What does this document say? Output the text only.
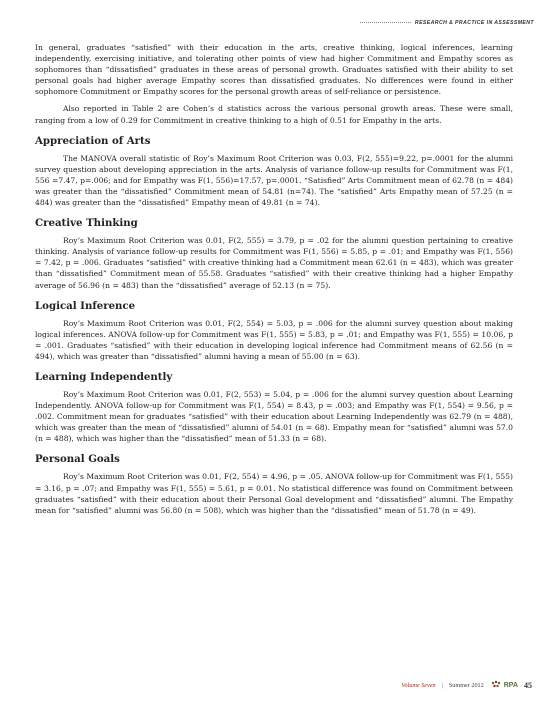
RESEARCH & PRACTICE IN ASSESSMENT

In general, graduates “satisfied” with their education in the arts, creative thinking, logical inferences, learning independently, exercising initiative, and tolerating other points of view had higher Commitment and Empathy scores as sophomores than “dissatisfied” graduates in these areas of personal growth. Graduates satisfied with their ability to set personal goals had higher average Empathy scores than dissatisfied graduates. No differences were found in either sophomore Commitment or Empathy scores for the personal growth areas of self-reliance or persistence.

Also reported in Table 2 are Cohen’s d statistics across the various personal growth areas. These were small, ranging from a low of 0.29 for Commitment in creative thinking to a high of 0.51 for Empathy in the arts.

Appreciation of Arts

The MANOVA overall statistic of Roy’s Maximum Root Criterion was 0.03, F(2, 555)=9.22, p=.0001 for the alumni survey question about developing appreciation in the arts. Analysis of variance follow-up results for Commitment was F(1, 556 =7.47, p=.006; and for Empathy was F(1, 556)=17.57, p=.0001. “Satisfied” Arts Commitment mean of 62.78 (n = 484) was greater than the “dissatisfied” Commitment mean of 54.81 (n=74). The “satisfied” Arts Empathy mean of 57.25 (n = 484) was greater than the “dissatisfied” Empathy mean of 49.81 (n = 74).

Creative Thinking

Roy’s Maximum Root Criterion was 0.01, F(2, 555) = 3.79, p = .02 for the alumni question pertaining to creative thinking. Analysis of variance follow-up results for Commitment was F(1, 556) = 5.85, p = .01; and Empathy was F(1, 556) = 7.42, p = .006. Graduates “satisfied” with creative thinking had a Commitment mean 62.61 (n = 483), which was greater than “dissatisfied” Commitment mean of 55.58. Graduates “satisfied” with their creative thinking had a higher Empathy average of 56.96 (n = 483) than the “dissatisfied” average of 52.13 (n = 75).

Logical Inference

Roy’s Maximum Root Criterion was 0.01, F(2, 554) = 5.03, p = .006 for the alumni survey question about making logical inferences. ANOVA follow-up for Commitment was F(1, 555) = 5.83, p = .01; and Empathy was F(1, 555) = 10.06, p = .001. Graduates “satisfied” with their education in developing logical inference had Commitment means of 62.56 (n = 494), which was greater than “dissatisfied” alumni having a mean of 55.00 (n = 63).

Learning Independently

Roy’s Maximum Root Criterion was 0.01, F(2, 553) = 5.04, p = .006 for the alumni survey question about Learning Independently. ANOVA follow-up for Commitment was F(1, 554) = 8.43, p = .003; and Empathy was F(1, 554) = 9.56, p = .002. Commitment mean for graduates “satisfied” with their education about Learning Independently was 62.79 (n = 488), which was greater than the mean of “dissatisfied” alumni of 54.01 (n = 68). Empathy mean for “satisfied” alumni was 57.0 (n = 488), which was higher than the “dissatisfied” mean of 51.33 (n = 68).

Personal Goals

Roy’s Maximum Root Criterion was 0.01, F(2, 554) = 4.96, p = .05. ANOVA follow-up for Commitment was F(1, 555) = 3.16, p = .07; and Empathy was F(1, 555) = 5.61, p = 0.01. No statistical difference was found on Commitment between graduates “satisfied” with their education about their Personal Goal development and “dissatisfied” alumni. The Empathy mean for “satisfied” alumni was 56.80 (n = 508), which was higher than the “dissatisfied” mean of 51.78 (n = 49).

Volume Seven | Summer 2012	RPA 45
